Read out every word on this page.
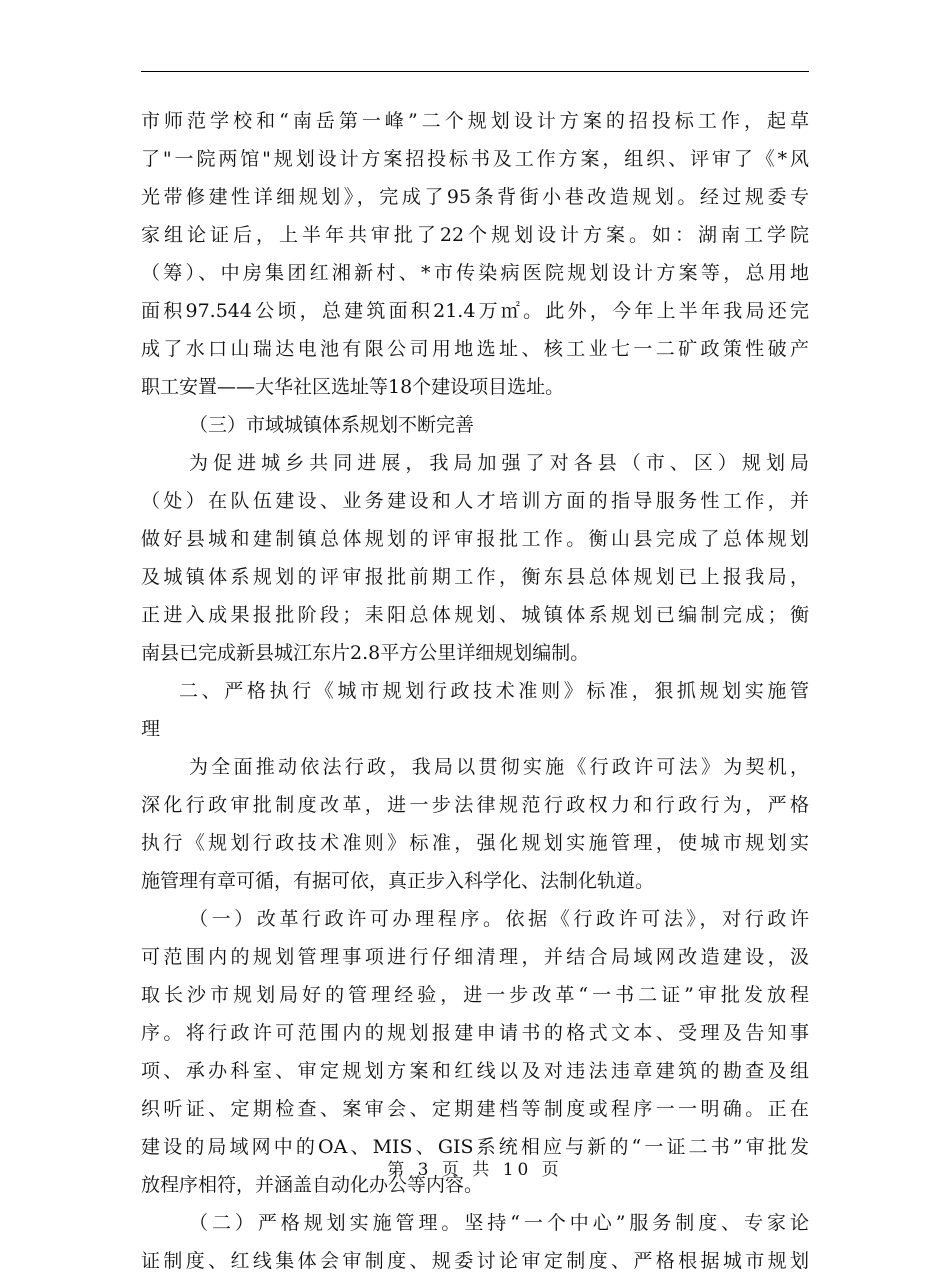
市师范学校和“南岳第一峰”二个规划设计方案的招投标工作，起草
了"一院两馆"规划设计方案招投标书及工作方案，组织、评审了《*风
光带修建性详细规划》，完成了95条背街小巷改造规划。经过规委专
家组论证后，上半年共审批了22个规划设计方案。如：湖南工学院
（筹）、中房集团红湘新村、*市传染病医院规划设计方案等，总用地
面积97.544公顷，总建筑面积21.4万㎡。此外，今年上半年我局还完
成了水口山瑞达电池有限公司用地选址、核工业七一二矿政策性破产
职工安置——大华社区选址等18个建设项目选址。
（三）市域城镇体系规划不断完善
为促进城乡共同进展，我局加强了对各县（市、区）规划局
（处）在队伍建设、业务建设和人才培训方面的指导服务性工作，并
做好县城和建制镇总体规划的评审报批工作。衡山县完成了总体规划
及城镇体系规划的评审报批前期工作，衡东县总体规划已上报我局，
正进入成果报批阶段；耒阳总体规划、城镇体系规划已编制完成；衡
南县已完成新县城江东片2.8平方公里详细规划编制。
二、严格执行《城市规划行政技术准则》标准，狠抓规划实施管
理
为全面推动依法行政，我局以贯彻实施《行政许可法》为契机，
深化行政审批制度改革，进一步法律规范行政权力和行政行为，严格
执行《规划行政技术准则》标准，强化规划实施管理，使城市规划实
施管理有章可循，有据可依，真正步入科学化、法制化轨道。
（一）改革行政许可办理程序。依据《行政许可法》，对行政许
可范围内的规划管理事项进行仔细清理，并结合局域网改造建设，汲
取长沙市规划局好的管理经验，进一步改革“一书二证”审批发放程
序。将行政许可范围内的规划报建申请书的格式文本、受理及告知事
项、承办科室、审定规划方案和红线以及对违法违章建筑的勘查及组
织听证、定期检查、案审会、定期建档等制度或程序一一明确。正在
建设的局域网中的OA、MIS、GIS系统相应与新的“一证二书”审批发
放程序相符，并涵盖自动化办公等内容。
（二）严格规划实施管理。坚持“一个中心”服务制度、专家论
证制度、红线集体会审制度、规委讨论审定制度、严格根据城市规划
第 3 页 共 10 页
